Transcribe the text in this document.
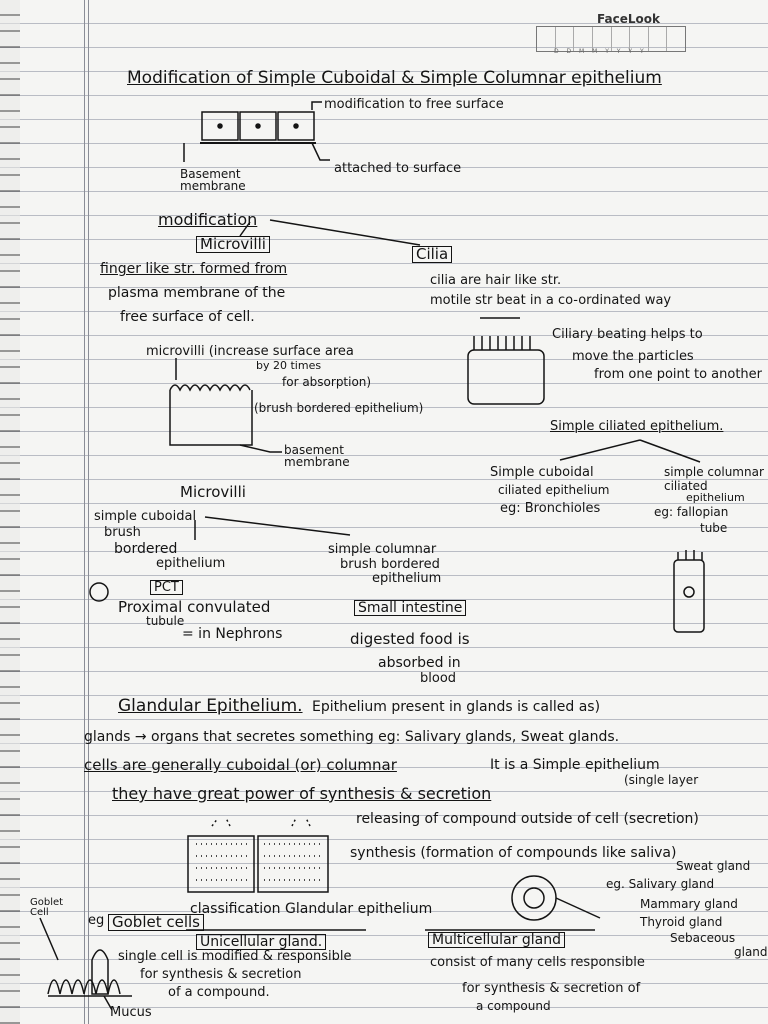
FaceLook
D D M M Y Y Y Y
Modification of Simple Cuboidal & Simple Columnar epithelium
modification to free surface
Basement membrane
attached to surface
modification
Microvilli
Cilia
finger like str. formed from
plasma membrane of the
free surface of cell.
cilia are hair like str.
motile str beat in a co-ordinated way
Ciliary beating helps to
move the particles
from one point to another
microvilli (increase surface area
by 20 times
for absorption)
(brush bordered epithelium)
basement membrane
Simple ciliated epithelium.
Simple cuboidal
ciliated epithelium
eg: Bronchioles
simple columnar
ciliated
epithelium
eg: fallopian
tube
Microvilli
simple cuboidal
brush
bordered
epithelium
simple columnar
brush bordered
epithelium
PCT
Proximal convulated
tubule
= in Nephrons
Small intestine
digested food is
absorbed in
blood
Glandular Epithelium. Epithelium present in glands is called as)
glands → organs that secretes something eg: Salivary glands, Sweat glands.
cells are generally cuboidal (or) columnar	It is a Simple epithelium
(single layer
they have great power of synthesis & secretion
releasing of compound outside of cell (secretion)
synthesis (formation of compounds like saliva)
classification Glandular epithelium
Goblet Cell
eg Goblet cells
Unicellular gland.	Multicellular gland
single cell is modified & responsible
for synthesis & secretion
of a compound.
consist of many cells responsible
for synthesis & secretion of
a compound
Mucus
Sweat gland
eg. Salivary gland
Mammary gland
Thyroid gland
Sebaceous
gland
